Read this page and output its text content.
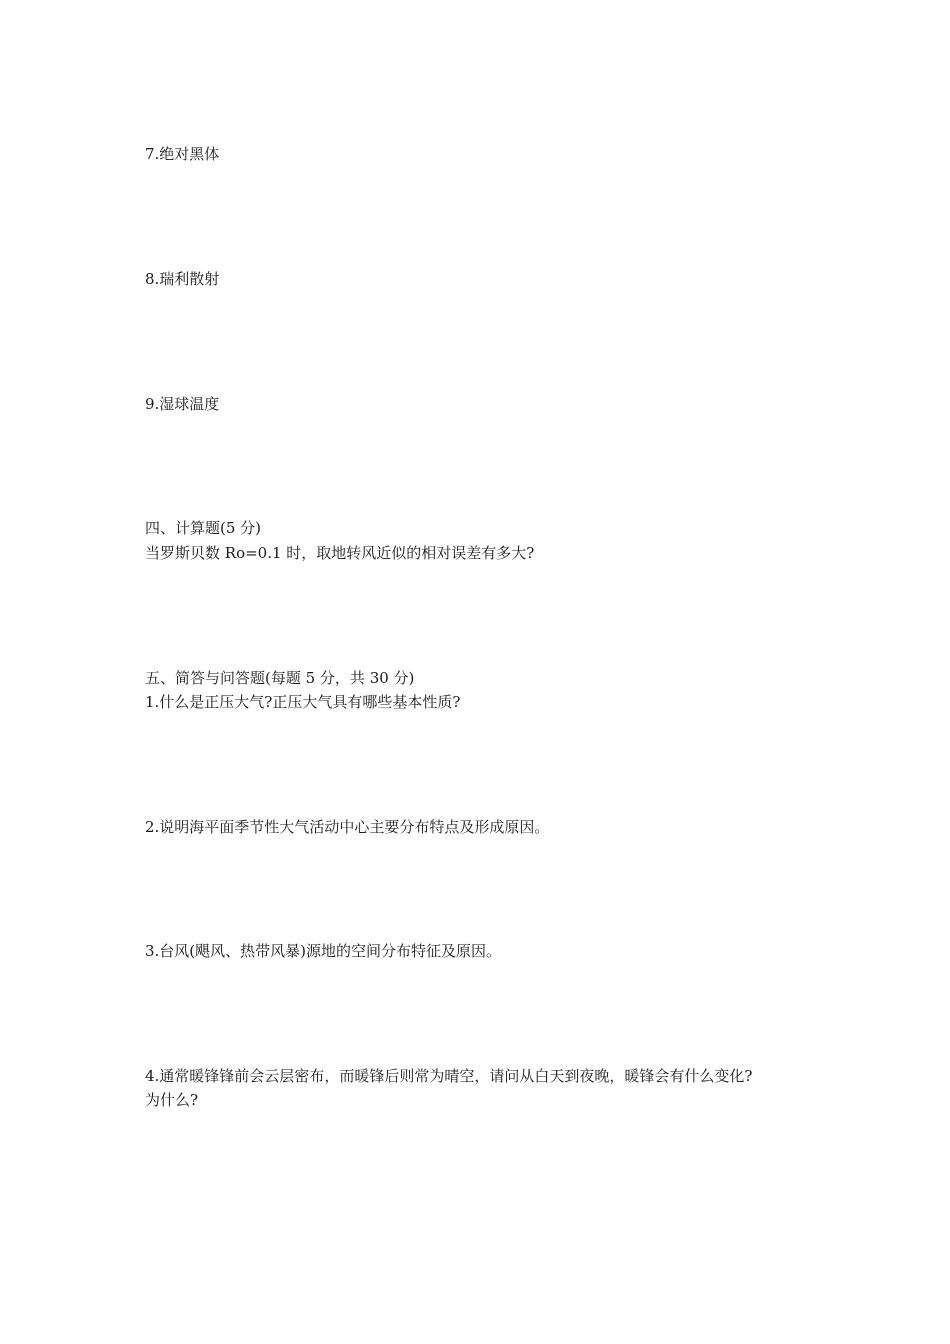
7.绝对黑体
8.瑞利散射
9.湿球温度
四、计算题(5 分)
当罗斯贝数 Ro=0.1 时，取地转风近似的相对误差有多大?
五、简答与问答题(每题 5 分，共 30 分)
1.什么是正压大气?正压大气具有哪些基本性质?
2.说明海平面季节性大气活动中心主要分布特点及形成原因。
3.台风(飓风、热带风暴)源地的空间分布特征及原因。
4.通常暖锋锋前会云层密布，而暖锋后则常为晴空，请问从白天到夜晚，暖锋会有什么变化?
为什么?
